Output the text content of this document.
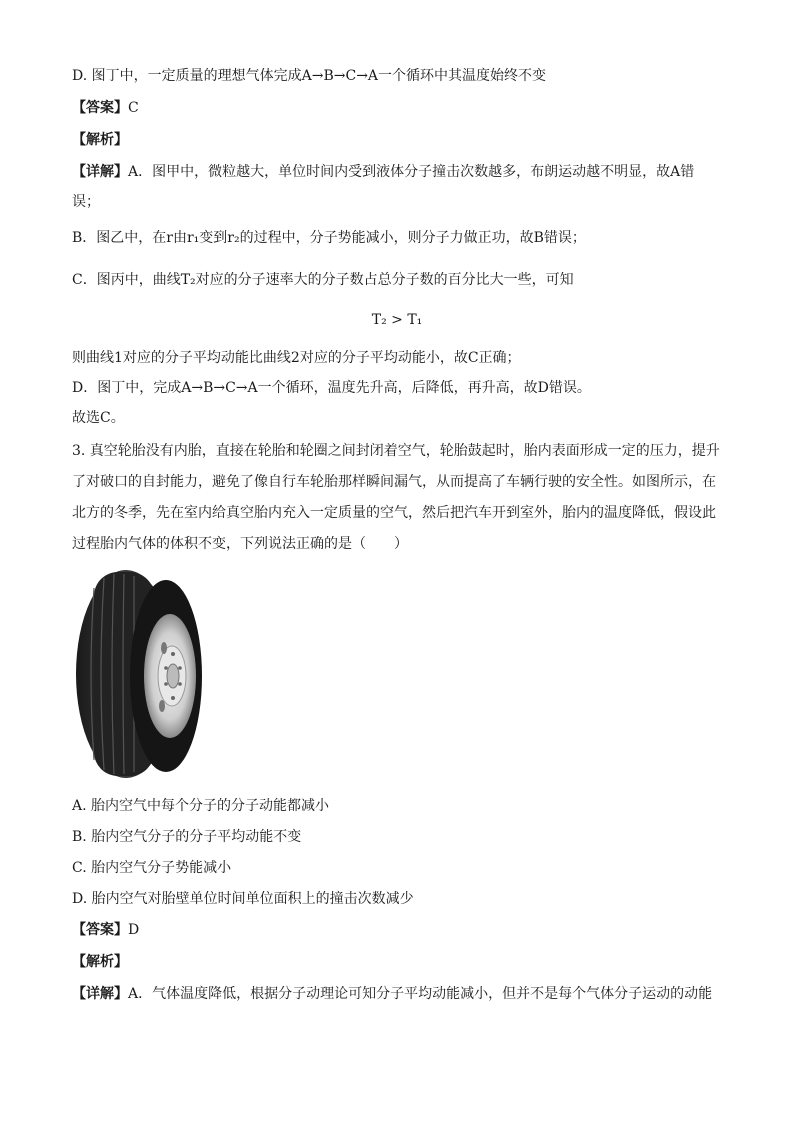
D. 图丁中，一定质量的理想气体完成A→B→C→A一个循环中其温度始终不变
【答案】C
【解析】
【详解】A．图甲中，微粒越大，单位时间内受到液体分子撞击次数越多，布朗运动越不明显，故A错
误；
B．图乙中，在r由r₁变到r₂的过程中，分子势能减小，则分子力做正功，故B错误；
C．图丙中，曲线T₂对应的分子速率大的分子数占总分子数的百分比大一些，可知
T₂ > T₁
则曲线1对应的分子平均动能比曲线2对应的分子平均动能小，故C正确；
D．图丁中，完成A→B→C→A一个循环，温度先升高，后降低，再升高，故D错误。
故选C。
3. 真空轮胎没有内胎，直接在轮胎和轮圈之间封闭着空气，轮胎鼓起时，胎内表面形成一定的压力，提升
了对破口的自封能力，避免了像自行车轮胎那样瞬间漏气，从而提高了车辆行驶的安全性。如图所示，在
北方的冬季，先在室内给真空胎内充入一定质量的空气，然后把汽车开到室外，胎内的温度降低，假设此
过程胎内气体的体积不变，下列说法正确的是（　　）
A. 胎内空气中每个分子的分子动能都减小
B. 胎内空气分子的分子平均动能不变
C. 胎内空气分子势能减小
D. 胎内空气对胎壁单位时间单位面积上的撞击次数减少
【答案】D
【解析】
【详解】A．气体温度降低，根据分子动理论可知分子平均动能减小，但并不是每个气体分子运动的动能
